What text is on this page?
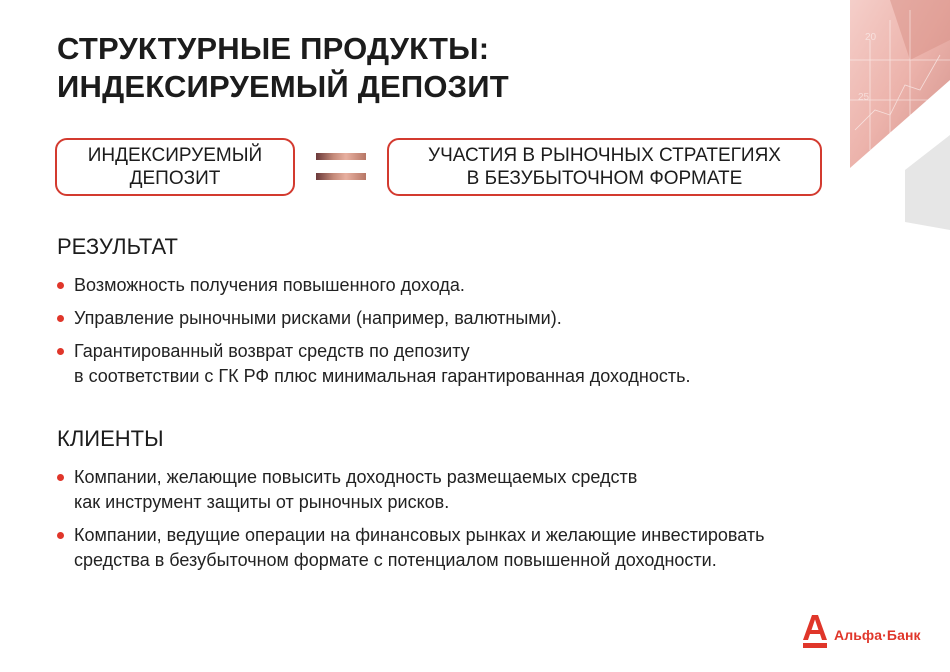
20
25
СТРУКТУРНЫЕ ПРОДУКТЫ:
ИНДЕКСИРУЕМЫЙ ДЕПОЗИТ
ИНДЕКСИРУЕМЫЙ
ДЕПОЗИТ
УЧАСТИЯ В РЫНОЧНЫХ СТРАТЕГИЯХ
В БЕЗУБЫТОЧНОМ ФОРМАТЕ
РЕЗУЛЬТАТ
Возможность получения повышенного дохода.
Управление рыночными рисками (например, валютными).
Гарантированный возврат средств по депозиту
в соответствии с ГК РФ плюс минимальная гарантированная доходность.
КЛИЕНТЫ
Компании, желающие повысить доходность размещаемых средств
как инструмент защиты от рыночных рисков.
Компании, ведущие операции на финансовых рынках и желающие инвестировать
средства в безубыточном формате с потенциалом повышенной доходности.
Альфа·Банк
